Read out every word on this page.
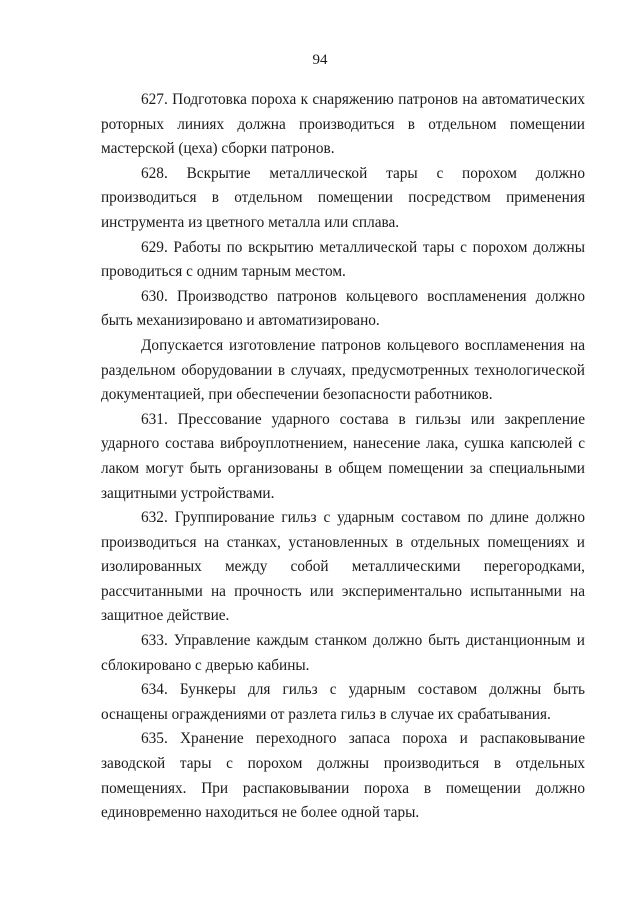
94

627. Подготовка пороха к снаряжению патронов на автоматических роторных линиях должна производиться в отдельном помещении мастерской (цеха) сборки патронов.

628. Вскрытие металлической тары с порохом должно производиться в отдельном помещении посредством применения инструмента из цветного металла или сплава.

629. Работы по вскрытию металлической тары с порохом должны проводиться с одним тарным местом.

630. Производство патронов кольцевого воспламенения должно быть механизировано и автоматизировано.

Допускается изготовление патронов кольцевого воспламенения на раздельном оборудовании в случаях, предусмотренных технологической документацией, при обеспечении безопасности работников.

631. Прессование ударного состава в гильзы или закрепление ударного состава виброуплотнением, нанесение лака, сушка капсюлей с лаком могут быть организованы в общем помещении за специальными защитными устройствами.

632. Группирование гильз с ударным составом по длине должно производиться на станках, установленных в отдельных помещениях и изолированных между собой металлическими перегородками, рассчитанными на прочность или экспериментально испытанными на защитное действие.

633. Управление каждым станком должно быть дистанционным и сблокировано с дверью кабины.

634. Бункеры для гильз с ударным составом должны быть оснащены ограждениями от разлета гильз в случае их срабатывания.

635. Хранение переходного запаса пороха и распаковывание заводской тары с порохом должны производиться в отдельных помещениях. При распаковывании пороха в помещении должно единовременно находиться не более одной тары.
